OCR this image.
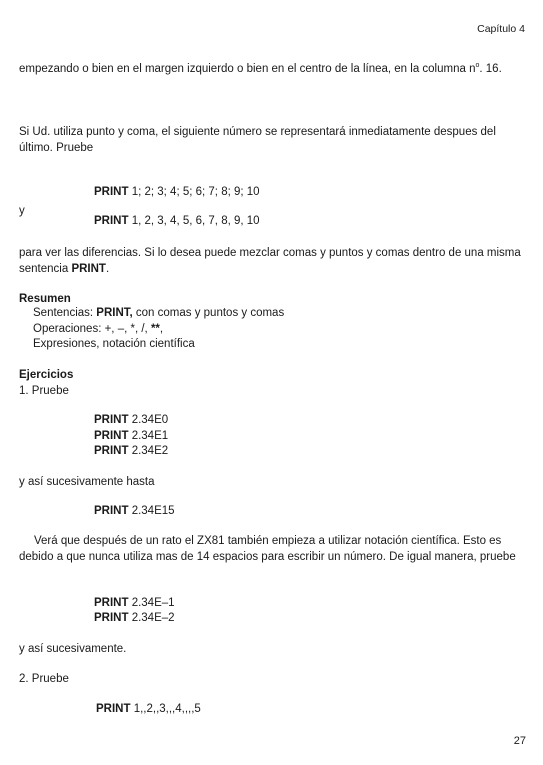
Capítulo 4
empezando o bien en el margen izquierdo o bien en el centro de la línea, en la columna $n^o$. 16.
Si Ud. utiliza punto y coma, el siguiente número se representará inmediatamente despues del último. Pruebe
PRINT 1; 2; 3; 4; 5; 6; 7; 8; 9; 10
y
PRINT 1, 2, 3, 4, 5, 6, 7, 8, 9, 10
para ver las diferencias. Si lo desea puede mezclar comas y puntos y comas dentro de una misma sentencia PRINT.
Resumen
Sentencias: PRINT, con comas y puntos y comas
Operaciones: +, –, *, /, **,
Expresiones, notación científica
Ejercicios
1. Pruebe
PRINT 2.34E0
PRINT 2.34E1
PRINT 2.34E2
y así sucesivamente hasta
PRINT 2.34E15
Verá que después de un rato el ZX81 también empieza a utilizar notación científica. Esto es debido a que nunca utiliza mas de 14 espacios para escribir un número. De igual manera, pruebe
PRINT 2.34E–1
PRINT 2.34E–2
y así sucesivamente.
2. Pruebe
PRINT 1,,2,,3,,,4,,,,5
27
